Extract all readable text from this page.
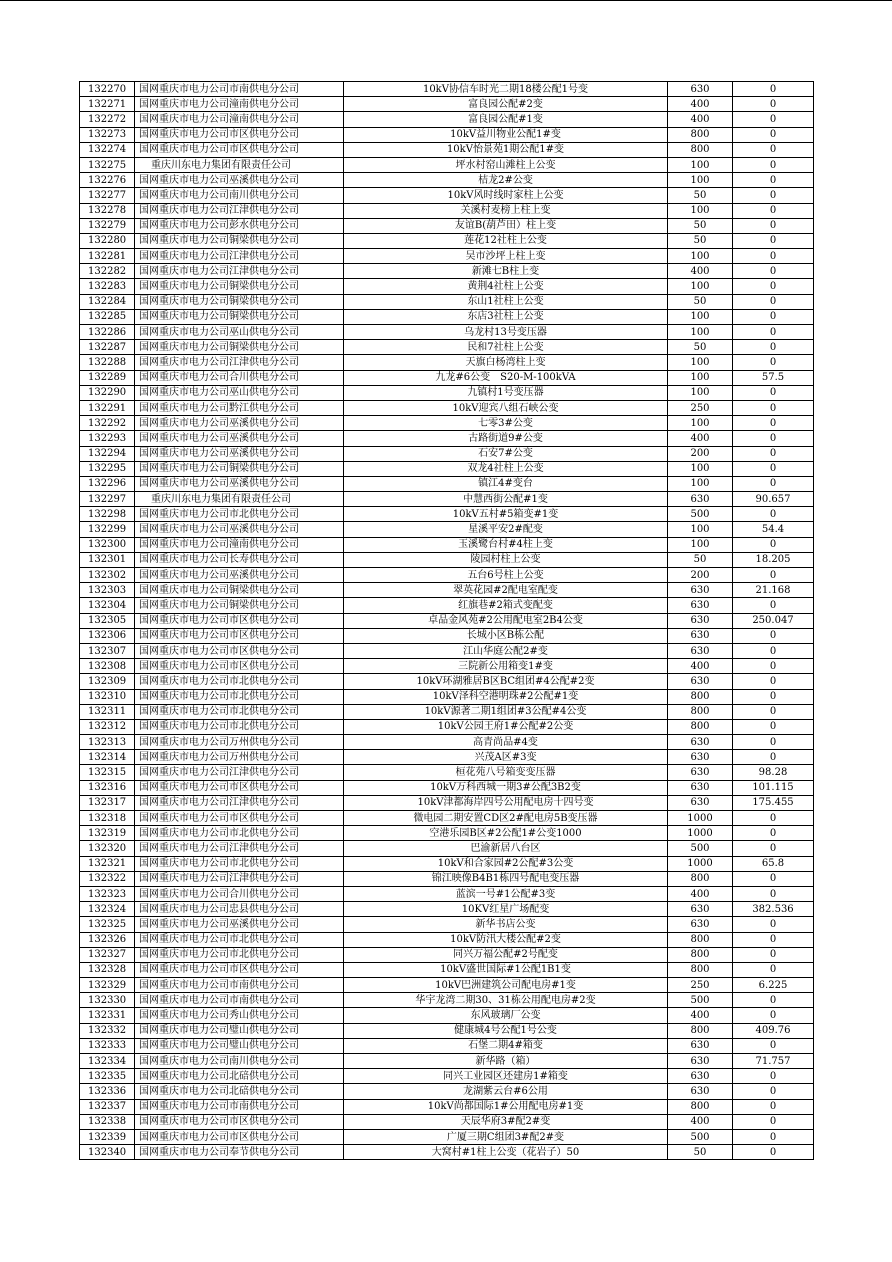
132270	国网重庆市电力公司市南供电分公司	10kV协信车时光二期18楼公配1号变	630	0
132271	国网重庆市电力公司潼南供电分公司	富良园公配#2变	400	0
132272	国网重庆市电力公司潼南供电分公司	富良园公配#1变	400	0
132273	国网重庆市电力公司市区供电分公司	10kV益川物业公配1#变	800	0
132274	国网重庆市电力公司市区供电分公司	10kV怡景苑1期公配1#变	800	0
132275	重庆川东电力集团有限责任公司	坪水村窑山滩柱上公变	100	0
132276	国网重庆市电力公司巫溪供电分公司	桔龙2#公变	100	0
132277	国网重庆市电力公司南川供电分公司	10kV风时线时家柱上公变	50	0
132278	国网重庆市电力公司江津供电分公司	关溪村麦榜上柱上变	100	0
132279	国网重庆市电力公司彭水供电分公司	友谊B(葫芦田）柱上变	50	0
132280	国网重庆市电力公司铜梁供电分公司	莲花12社柱上公变	50	0
132281	国网重庆市电力公司江津供电分公司	吴市沙坪上柱上变	100	0
132282	国网重庆市电力公司江津供电分公司	新滩七B柱上变	400	0
132283	国网重庆市电力公司铜梁供电分公司	黄荆4社柱上公变	100	0
132284	国网重庆市电力公司铜梁供电分公司	东山1社柱上公变	50	0
132285	国网重庆市电力公司铜梁供电分公司	东店3社柱上公变	100	0
132286	国网重庆市电力公司巫山供电分公司	乌龙村13号变压器	100	0
132287	国网重庆市电力公司铜梁供电分公司	民和7社柱上公变	50	0
132288	国网重庆市电力公司江津供电分公司	天旗白杨湾柱上变	100	0
132289	国网重庆市电力公司合川供电分公司	九龙#6公变　S20-M-100kVA	100	57.5
132290	国网重庆市电力公司巫山供电分公司	九镇村1号变压器	100	0
132291	国网重庆市电力公司黔江供电分公司	10kV迎宾八组石峡公变	250	0
132292	国网重庆市电力公司巫溪供电分公司	七零3#公变	100	0
132293	国网重庆市电力公司巫溪供电分公司	古路街道9#公变	400	0
132294	国网重庆市电力公司巫溪供电分公司	石安7#公变	200	0
132295	国网重庆市电力公司铜梁供电分公司	双龙4社柱上公变	100	0
132296	国网重庆市电力公司巫溪供电分公司	镇江4#变台	100	0
132297	重庆川东电力集团有限责任公司	中慧西街公配#1变	630	90.657
132298	国网重庆市电力公司市北供电分公司	10kV五村#5箱变#1变	500	0
132299	国网重庆市电力公司巫溪供电分公司	星溪平安2#配变	100	54.4
132300	国网重庆市电力公司潼南供电分公司	玉溪鹭台村#4柱上变	100	0
132301	国网重庆市电力公司长寿供电分公司	陵园村柱上公变	50	18.205
132302	国网重庆市电力公司巫溪供电分公司	五台6号柱上公变	200	0
132303	国网重庆市电力公司铜梁供电分公司	翠英花园#2配电室配变	630	21.168
132304	国网重庆市电力公司铜梁供电分公司	红旗巷#2箱式变配变	630	0
132305	国网重庆市电力公司市区供电分公司	卓品金风苑#2公用配电室2B4公变	630	250.047
132306	国网重庆市电力公司市区供电分公司	长城小区B栋公配	630	0
132307	国网重庆市电力公司市区供电分公司	江山华庭公配2#变	630	0
132308	国网重庆市电力公司市区供电分公司	三院新公用箱变1#变	400	0
132309	国网重庆市电力公司市北供电分公司	10kV环湖雅居B区BC组团#4公配#2变	630	0
132310	国网重庆市电力公司市北供电分公司	10kV泽科空港明珠#2公配#1变	800	0
132311	国网重庆市电力公司市北供电分公司	10kV源著二期1组团#3公配#4公变	800	0
132312	国网重庆市电力公司市北供电分公司	10kV公园王府1#公配#2公变	800	0
132313	国网重庆市电力公司万州供电分公司	高青尚品#4变	630	0
132314	国网重庆市电力公司万州供电分公司	兴茂A区#3变	630	0
132315	国网重庆市电力公司江津供电分公司	桓花苑八号箱变变压器	630	98.28
132316	国网重庆市电力公司市区供电分公司	10kV万科西城一期3#公配3B2变	630	101.115
132317	国网重庆市电力公司江津供电分公司	10kV津都海岸四号公用配电房十四号变	630	175.455
132318	国网重庆市电力公司市区供电分公司	微电园二期安置CD区2#配电房5B变压器	1000	0
132319	国网重庆市电力公司市北供电分公司	空港乐园B区#2公配1#公变1000	1000	0
132320	国网重庆市电力公司江津供电分公司	巴渝新居八台区	500	0
132321	国网重庆市电力公司市北供电分公司	10kV和合家园#2公配#3公变	1000	65.8
132322	国网重庆市电力公司江津供电分公司	锦江映像B4B1栋四号配电变压器	800	0
132323	国网重庆市电力公司合川供电分公司	蓝滨一号#1公配#3变	400	0
132324	国网重庆市电力公司忠县供电分公司	10KV红星广场配变	630	382.536
132325	国网重庆市电力公司巫溪供电分公司	新华书店公变	630	0
132326	国网重庆市电力公司市北供电分公司	10kV防汛大楼公配#2变	800	0
132327	国网重庆市电力公司市北供电分公司	同兴万福公配#2号配变	800	0
132328	国网重庆市电力公司市区供电分公司	10kV盛世国际#1公配1B1变	800	0
132329	国网重庆市电力公司市南供电分公司	10kV巴洲建筑公司配电房#1变	250	6.225
132330	国网重庆市电力公司市南供电分公司	华宇龙湾二期30、31栋公用配电房#2变	500	0
132331	国网重庆市电力公司秀山供电分公司	东风玻璃厂公变	400	0
132332	国网重庆市电力公司璧山供电分公司	健康城4号公配1号公变	800	409.76
132333	国网重庆市电力公司璧山供电分公司	石堡二期4#箱变	630	0
132334	国网重庆市电力公司南川供电分公司	新华路（箱）	630	71.757
132335	国网重庆市电力公司北碚供电分公司	同兴工业园区还建房1#箱变	630	0
132336	国网重庆市电力公司北碚供电分公司	龙湖紫云台#6公用	630	0
132337	国网重庆市电力公司市南供电分公司	10kV尚都国际1#公用配电房#1变	800	0
132338	国网重庆市电力公司市区供电分公司	天辰华府3#配2#变	400	0
132339	国网重庆市电力公司市区供电分公司	广厦三期C组团3#配2#变	500	0
132340	国网重庆市电力公司奉节供电分公司	大窝村#1柱上公变（花岩子）50	50	0
